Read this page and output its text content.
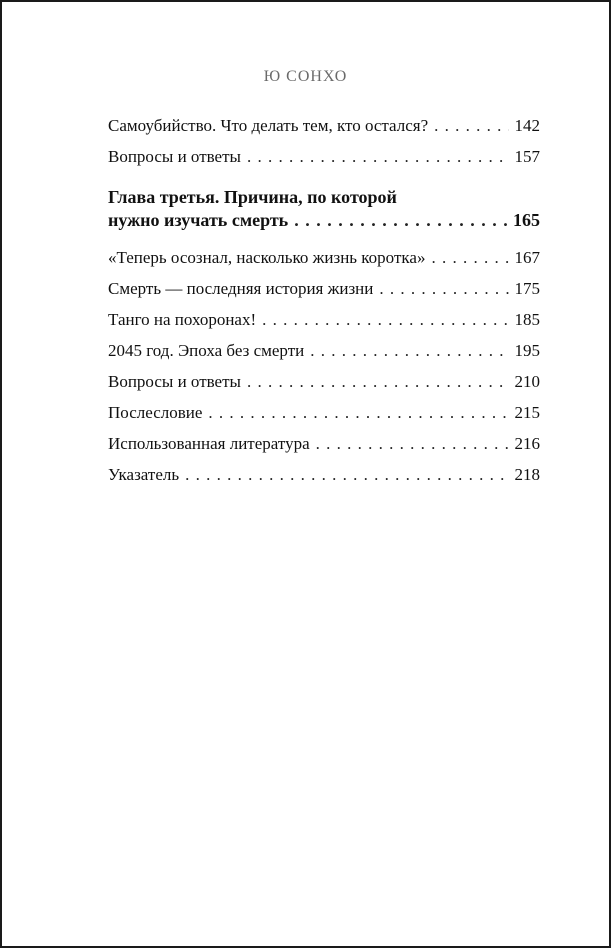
Ю СОНХО
Самоубийство. Что делать тем, кто остался? . . .	142
Вопросы и ответы . . .	157
Глава третья. Причина, по которой
нужно изучать смерть . . .	165
«Теперь осознал, насколько жизнь коротка» . . .	167
Смерть — последняя история жизни . . .	175
Танго на похоронах! . . .	185
2045 год. Эпоха без смерти . . .	195
Вопросы и ответы . . .	210
Послесловие . . .	215
Использованная литература . . .	216
Указатель . . .	218
